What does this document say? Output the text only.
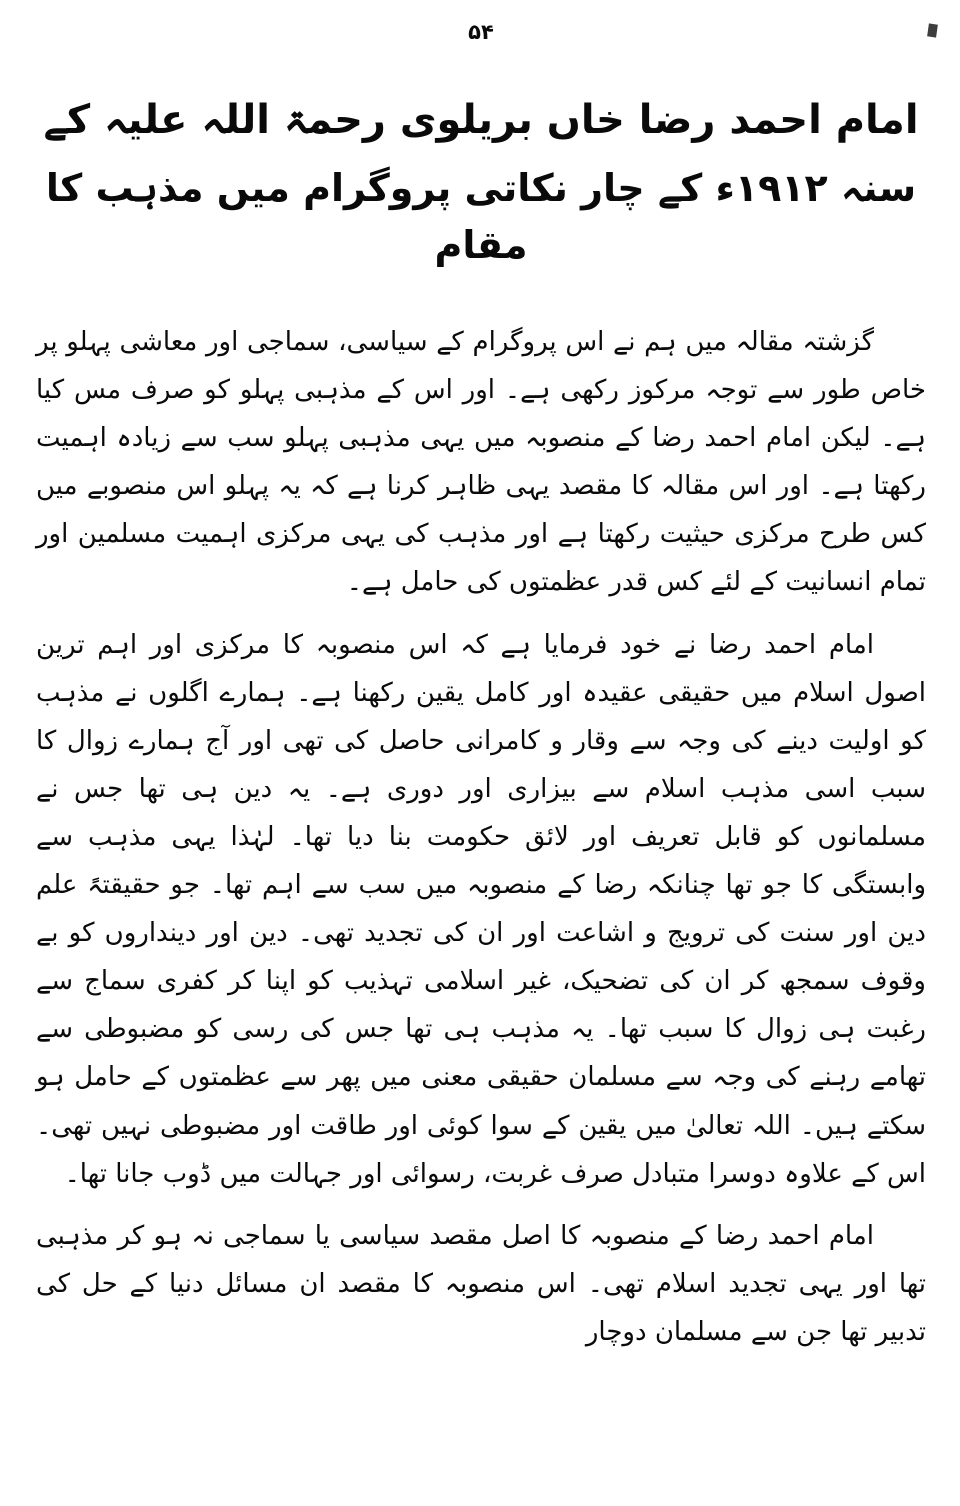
۵۴
امام احمد رضا خاں بریلوی رحمۃ اللہ علیہ کے
سنہ ۱۹۱۲ء کے چار نکاتی پروگرام میں مذہب کا مقام

گزشتہ مقالہ میں ہم نے اس پروگرام کے سیاسی، سماجی اور معاشی پہلو پر خاص طور سے توجہ مرکوز رکھی ہے۔ اور اس کے مذہبی پہلو کو صرف مس کیا ہے۔ لیکن امام احمد رضا کے منصوبہ میں یہی مذہبی پہلو سب سے زیادہ اہمیت رکھتا ہے۔ اور اس مقالہ کا مقصد یہی ظاہر کرنا ہے کہ یہ پہلو اس منصوبے میں کس طرح مرکزی حیثیت رکھتا ہے اور مذہب کی یہی مرکزی اہمیت مسلمین اور تمام انسانیت کے لئے کس قدر عظمتوں کی حامل ہے۔

امام احمد رضا نے خود فرمایا ہے کہ اس منصوبہ کا مرکزی اور اہم ترین اصول اسلام میں حقیقی عقیدہ اور کامل یقین رکھنا ہے۔ ہمارے اگلوں نے مذہب کو اولیت دینے کی وجہ سے وقار و کامرانی حاصل کی تھی اور آج ہمارے زوال کا سبب اسی مذہب اسلام سے بیزاری اور دوری ہے۔ یہ دین ہی تھا جس نے مسلمانوں کو قابل تعریف اور لائق حکومت بنا دیا تھا۔ لہٰذا یہی مذہب سے وابستگی کا جو تھا چنانکہ رضا کے منصوبہ میں سب سے اہم تھا۔ جو حقیقتہً علم دین اور سنت کی ترویج و اشاعت اور ان کی تجدید تھی۔ دین اور دینداروں کو بے وقوف سمجھ کر ان کی تضحیک، غیر اسلامی تہذیب کو اپنا کر کفری سماج سے رغبت ہی زوال کا سبب تھا۔ یہ مذہب ہی تھا جس کی رسی کو مضبوطی سے تھامے رہنے کی وجہ سے مسلمان حقیقی معنی میں پھر سے عظمتوں کے حامل ہو سکتے ہیں۔ اللہ تعالیٰ میں یقین کے سوا کوئی اور طاقت اور مضبوطی نہیں تھی۔ اس کے علاوہ دوسرا متبادل صرف غربت، رسوائی اور جہالت میں ڈوب جانا تھا۔

امام احمد رضا کے منصوبہ کا اصل مقصد سیاسی یا سماجی نہ ہو کر مذہبی تھا اور یہی تجدید اسلام تھی۔ اس منصوبہ کا مقصد ان مسائل دنیا کے حل کی تدبیر تھا جن سے مسلمان دوچار
